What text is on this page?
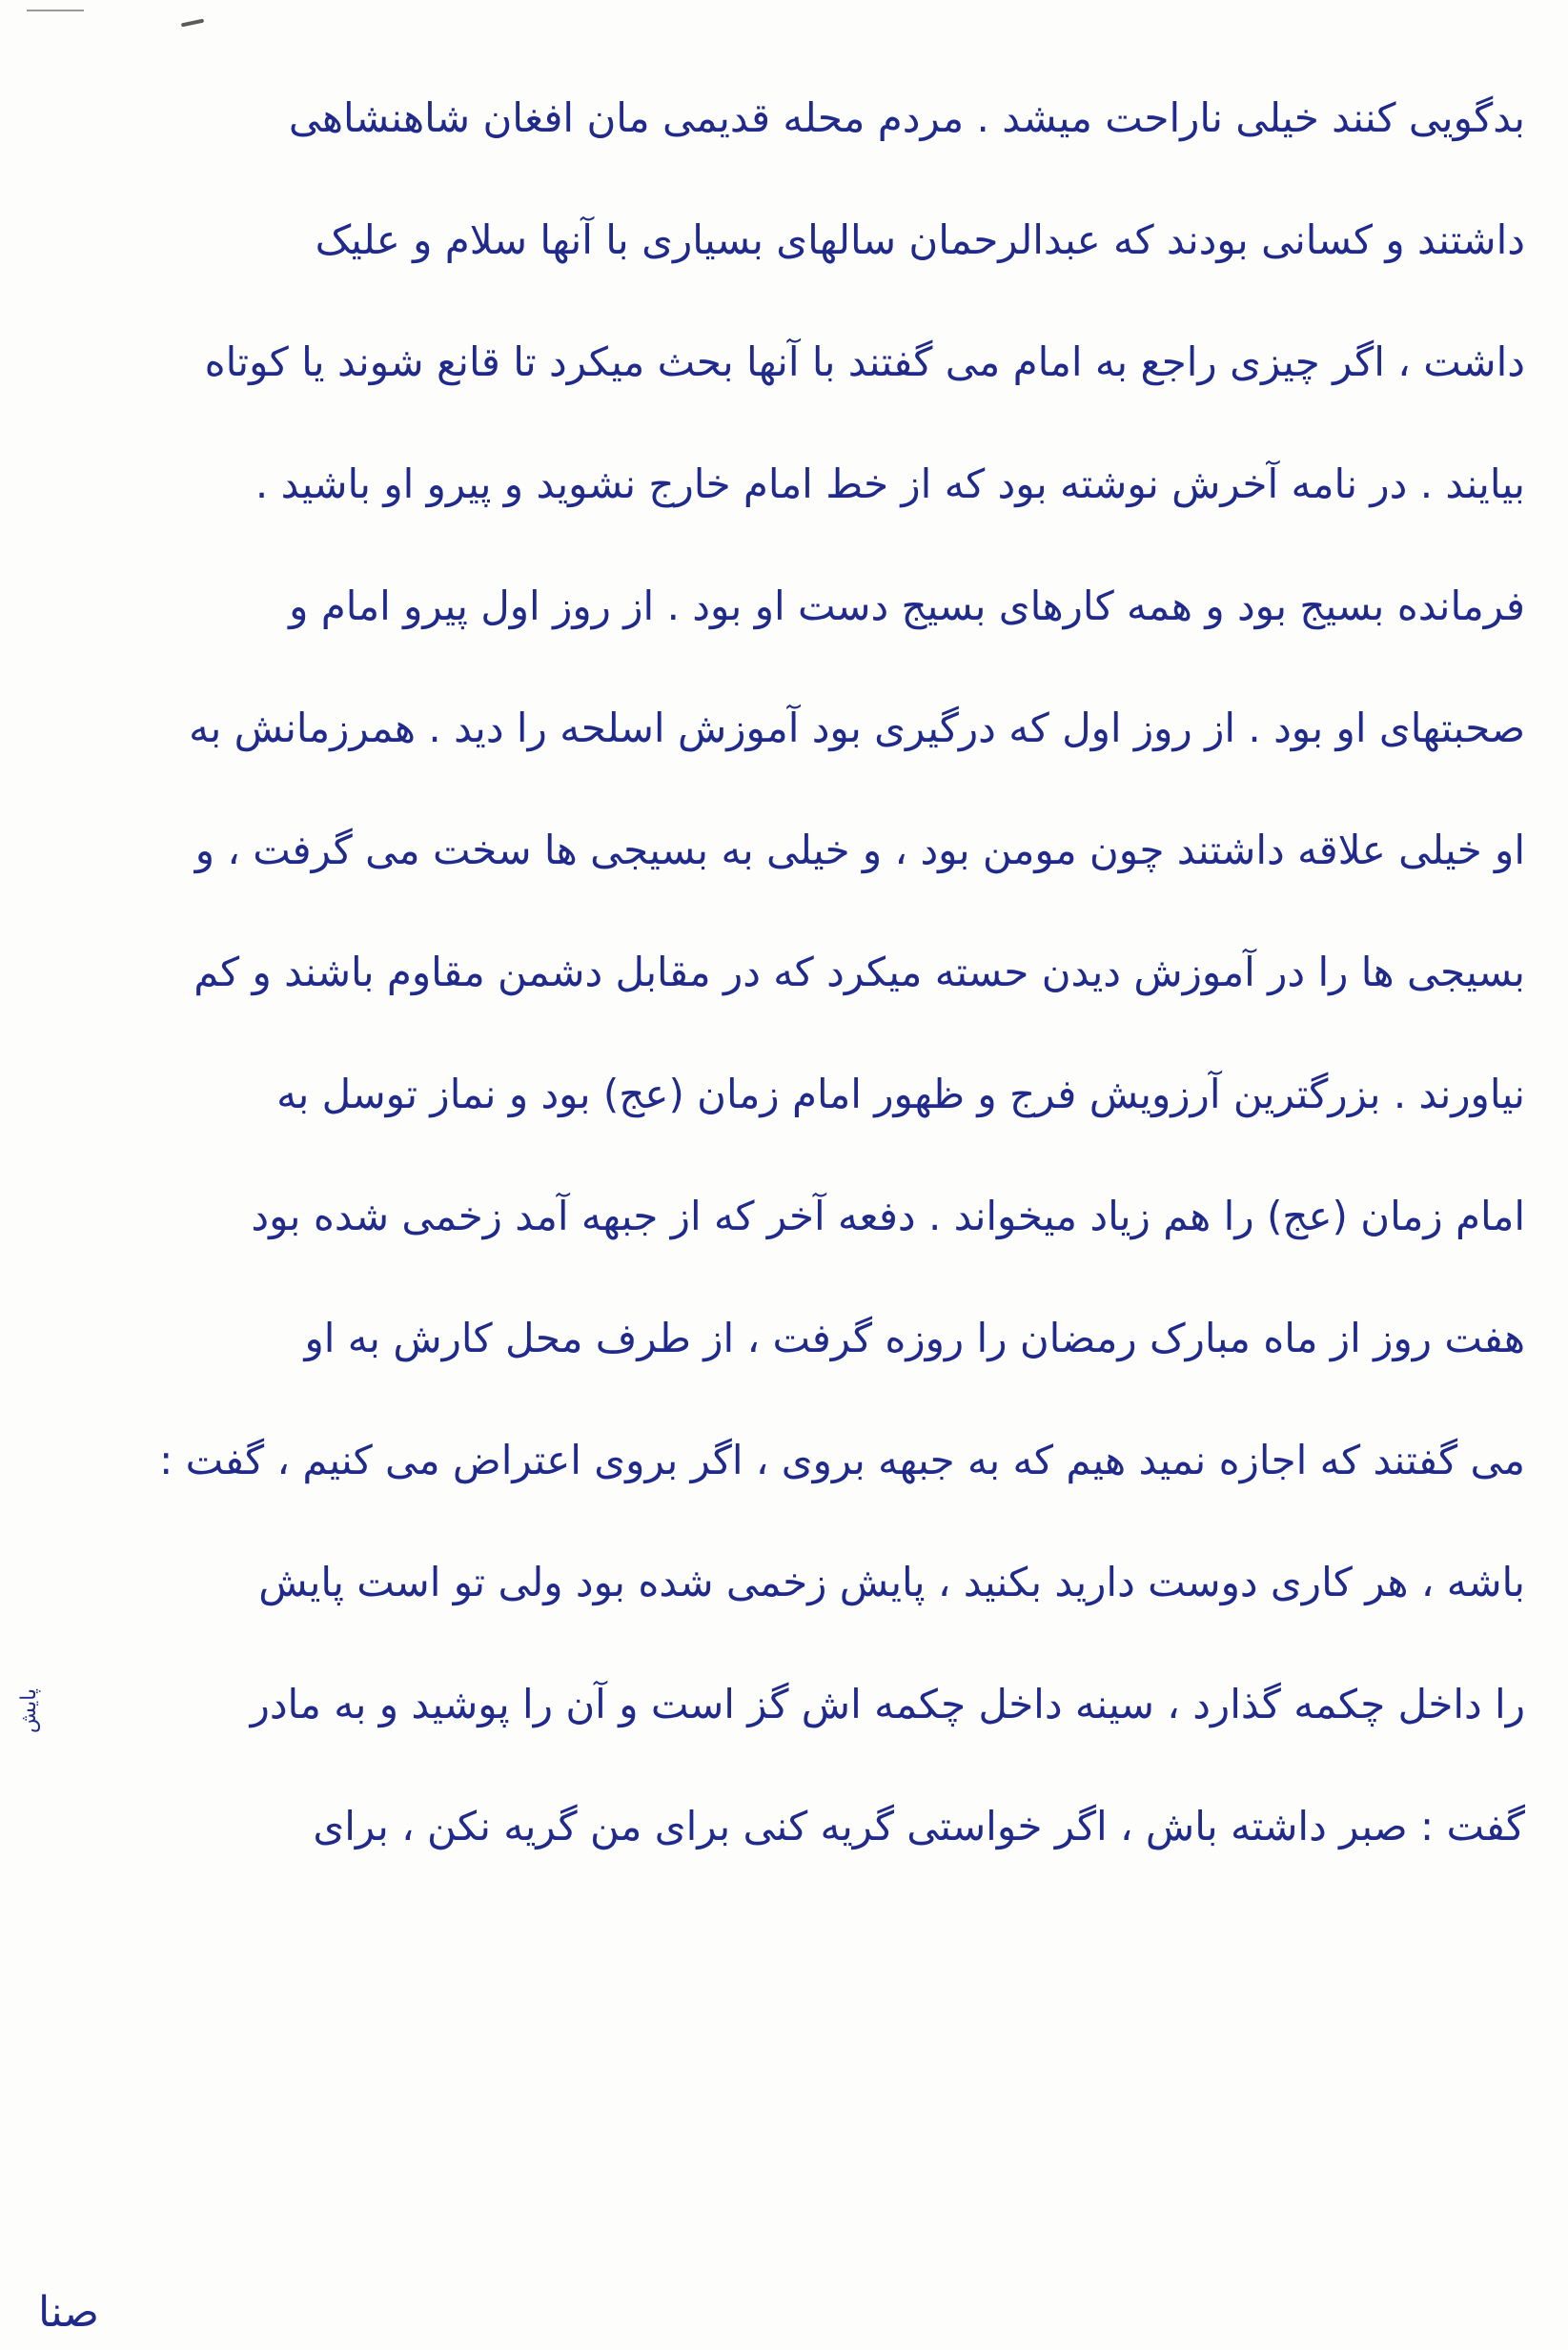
بدگویی کنند خیلی ناراحت میشد . مردم محله قدیمی مان افغان شاهنشاهی
داشتند و کسانی بودند که عبدالرحمان سالهای بسیاری با آنها سلام و علیک
داشت ، اگر چیزی راجع به امام می گفتند با آنها بحث میکرد تا قانع شوند یا کوتاه
بیایند . در نامه آخرش نوشته بود که از خط امام خارج نشوید و پیرو او باشید .
فرمانده بسیج بود و همه کارهای بسیج دست او بود . از روز اول پیرو امام و
صحبتهای او بود . از روز اول که درگیری بود آموزش اسلحه را دید . همرزمانش به
او خیلی علاقه داشتند چون مومن بود ، و خیلی به بسیجی ها سخت می گرفت ، و
بسیجی ها را در آموزش دیدن حسته میکرد که در مقابل دشمن مقاوم باشند و کم
نیاورند . بزرگترین آرزویش فرج و ظهور امام زمان (عج) بود و نماز توسل به
امام زمان (عج) را هم زیاد میخواند . دفعه آخر که از جبهه آمد زخمی شده بود
هفت روز از ماه مبارک رمضان را روزه گرفت ، از طرف محل کارش به او
می گفتند که اجازه نمید هیم که به جبهه بروی ، اگر بروی اعتراض می کنیم ، گفت :
باشه ، هر کاری دوست دارید بکنید ، پایش زخمی شده بود ولی تو است پایش
را داخل چکمه گذارد ، سینه داخل چکمه اش گز است و آن را پوشید و به مادر
گفت : صبر داشته باش ، اگر خواستی گریه کنی برای من گریه نکن ، برای
پایش
صنا
